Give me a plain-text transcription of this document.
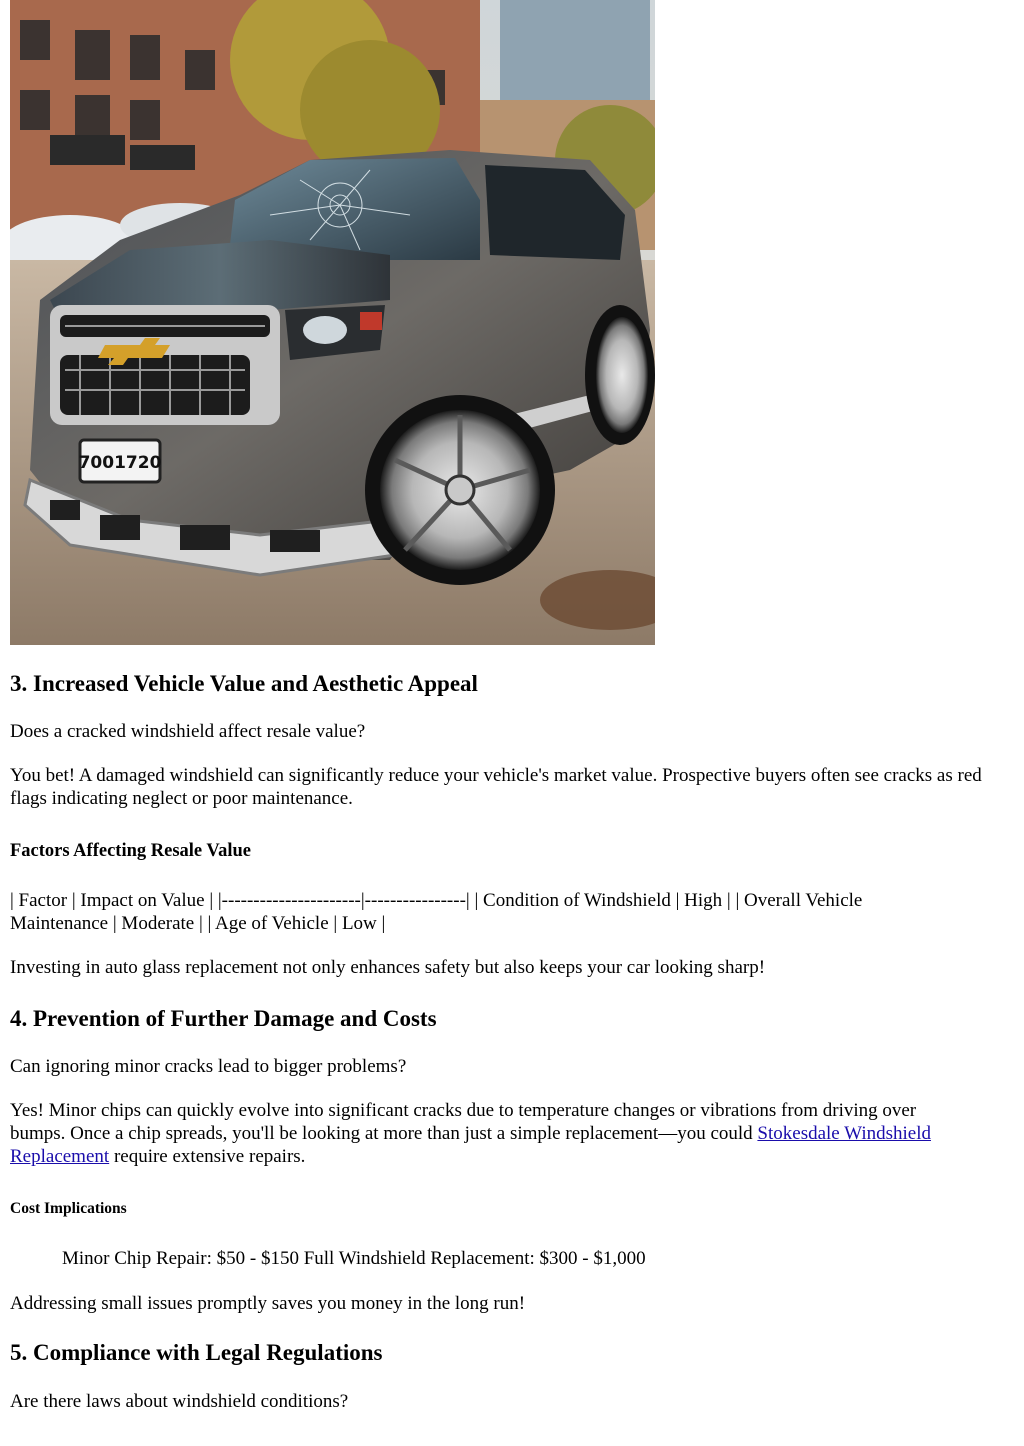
7001720
3. Increased Vehicle Value and Aesthetic Appeal

Does a cracked windshield affect resale value?

You bet! A damaged windshield can significantly reduce your vehicle's market value. Prospective buyers often see cracks as red flags indicating neglect or poor maintenance.

Factors Affecting Resale Value

| Factor | Impact on Value | |----------------------|----------------| | Condition of Windshield | High | | Overall Vehicle
Maintenance | Moderate | | Age of Vehicle | Low |

Investing in auto glass replacement not only enhances safety but also keeps your car looking sharp!

4. Prevention of Further Damage and Costs

Can ignoring minor cracks lead to bigger problems?

Yes! Minor chips can quickly evolve into significant cracks due to temperature changes or vibrations from driving over
bumps. Once a chip spreads, you'll be looking at more than just a simple replacement—you could Stokesdale Windshield
Replacement require extensive repairs.

Cost Implications

Minor Chip Repair: $50 - $150 Full Windshield Replacement: $300 - $1,000

Addressing small issues promptly saves you money in the long run!

5. Compliance with Legal Regulations

Are there laws about windshield conditions?
